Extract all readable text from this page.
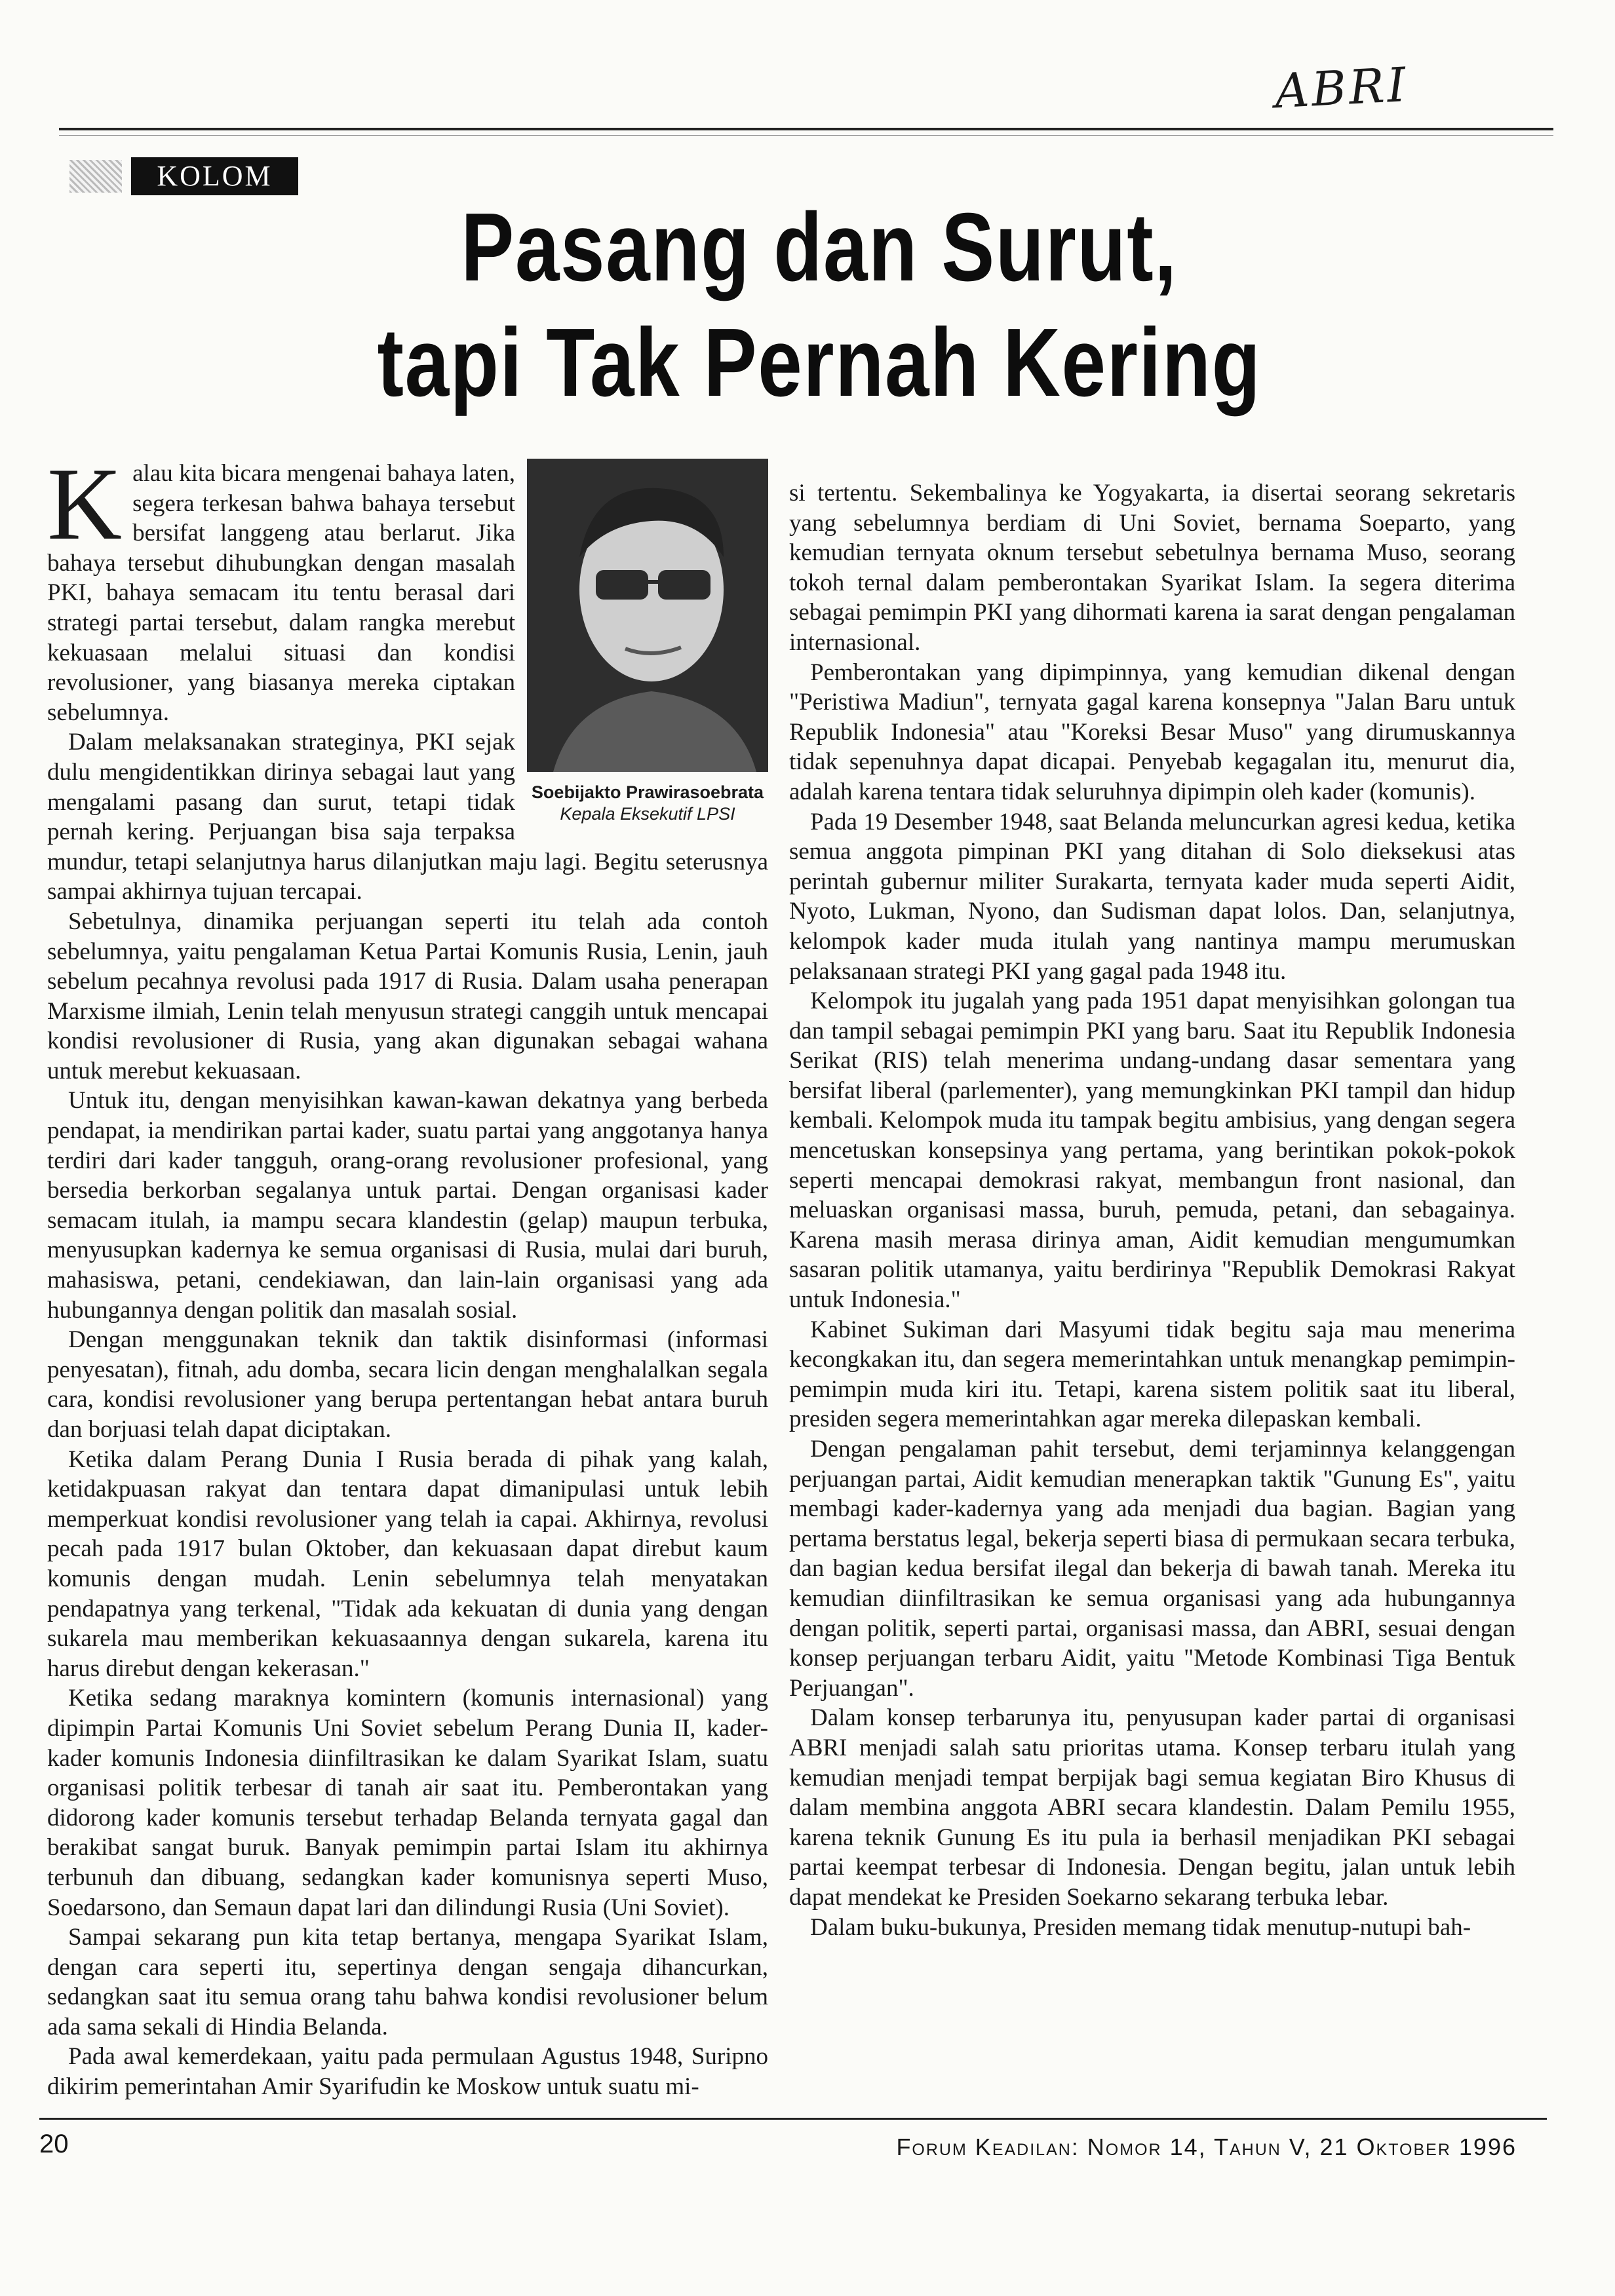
ABRI
KOLOM
Pasang dan Surut,
tapi Tak Pernah Kering
Soebijakto Prawirasoebrata
Kepala Eksekutif LPSI

Kalau kita bicara mengenai bahaya laten, segera terkesan bahwa bahaya tersebut bersifat langgeng atau berlarut. Jika bahaya tersebut dihubungkan dengan masalah PKI, bahaya semacam itu tentu berasal dari strategi partai tersebut, dalam rangka merebut kekuasaan melalui situasi dan kondisi revolusioner, yang biasanya mereka ciptakan sebelumnya.

Dalam melaksanakan strateginya, PKI sejak dulu mengidentikkan dirinya sebagai laut yang mengalami pasang dan surut, tetapi tidak pernah kering. Perjuangan bisa saja terpaksa mundur, tetapi selanjutnya harus dilanjutkan maju lagi. Begitu seterusnya sampai akhirnya tujuan tercapai.

Sebetulnya, dinamika perjuangan seperti itu telah ada contoh sebelumnya, yaitu pengalaman Ketua Partai Komunis Rusia, Lenin, jauh sebelum pecahnya revolusi pada 1917 di Rusia. Dalam usaha penerapan Marxisme ilmiah, Lenin telah menyusun strategi canggih untuk mencapai kondisi revolusioner di Rusia, yang akan digunakan sebagai wahana untuk merebut kekuasaan.

Untuk itu, dengan menyisihkan kawan-kawan dekatnya yang berbeda pendapat, ia mendirikan partai kader, suatu partai yang anggotanya hanya terdiri dari kader tangguh, orang-orang revolusioner profesional, yang bersedia berkorban segalanya untuk partai. Dengan organisasi kader semacam itulah, ia mampu secara klandestin (gelap) maupun terbuka, menyusupkan kadernya ke semua organisasi di Rusia, mulai dari buruh, mahasiswa, petani, cendekiawan, dan lain-lain organisasi yang ada hubungannya dengan politik dan masalah sosial.

Dengan menggunakan teknik dan taktik disinformasi (informasi penyesatan), fitnah, adu domba, secara licin dengan menghalalkan segala cara, kondisi revolusioner yang berupa pertentangan hebat antara buruh dan borjuasi telah dapat diciptakan.

Ketika dalam Perang Dunia I Rusia berada di pihak yang kalah, ketidakpuasan rakyat dan tentara dapat dimanipulasi untuk lebih memperkuat kondisi revolusioner yang telah ia capai. Akhirnya, revolusi pecah pada 1917 bulan Oktober, dan kekuasaan dapat direbut kaum komunis dengan mudah. Lenin sebelumnya telah menyatakan pendapatnya yang terkenal, "Tidak ada kekuatan di dunia yang dengan sukarela mau memberikan kekuasaannya dengan sukarela, karena itu harus direbut dengan kekerasan."

Ketika sedang maraknya komintern (komunis internasional) yang dipimpin Partai Komunis Uni Soviet sebelum Perang Dunia II, kader-kader komunis Indonesia diinfiltrasikan ke dalam Syarikat Islam, suatu organisasi politik terbesar di tanah air saat itu. Pemberontakan yang didorong kader komunis tersebut terhadap Belanda ternyata gagal dan berakibat sangat buruk. Banyak pemimpin partai Islam itu akhirnya terbunuh dan dibuang, sedangkan kader komunisnya seperti Muso, Soedarsono, dan Semaun dapat lari dan dilindungi Rusia (Uni Soviet).

Sampai sekarang pun kita tetap bertanya, mengapa Syarikat Islam, dengan cara seperti itu, sepertinya dengan sengaja dihancurkan, sedangkan saat itu semua orang tahu bahwa kondisi revolusioner belum ada sama sekali di Hindia Belanda.

Pada awal kemerdekaan, yaitu pada permulaan Agustus 1948, Suripno dikirim pemerintahan Amir Syarifudin ke Moskow untuk suatu mi-

si tertentu. Sekembalinya ke Yogyakarta, ia disertai seorang sekretaris yang sebelumnya berdiam di Uni Soviet, bernama Soeparto, yang kemudian ternyata oknum tersebut sebetulnya bernama Muso, seorang tokoh ternal dalam pemberontakan Syarikat Islam. Ia segera diterima sebagai pemimpin PKI yang dihormati karena ia sarat dengan pengalaman internasional.

Pemberontakan yang dipimpinnya, yang kemudian dikenal dengan "Peristiwa Madiun", ternyata gagal karena konsepnya "Jalan Baru untuk Republik Indonesia" atau "Koreksi Besar Muso" yang dirumuskannya tidak sepenuhnya dapat dicapai. Penyebab kegagalan itu, menurut dia, adalah karena tentara tidak seluruhnya dipimpin oleh kader (komunis).

Pada 19 Desember 1948, saat Belanda meluncurkan agresi kedua, ketika semua anggota pimpinan PKI yang ditahan di Solo dieksekusi atas perintah gubernur militer Surakarta, ternyata kader muda seperti Aidit, Nyoto, Lukman, Nyono, dan Sudisman dapat lolos. Dan, selanjutnya, kelompok kader muda itulah yang nantinya mampu merumuskan pelaksanaan strategi PKI yang gagal pada 1948 itu.

Kelompok itu jugalah yang pada 1951 dapat menyisihkan golongan tua dan tampil sebagai pemimpin PKI yang baru. Saat itu Republik Indonesia Serikat (RIS) telah menerima undang-undang dasar sementara yang bersifat liberal (parlementer), yang memungkinkan PKI tampil dan hidup kembali. Kelompok muda itu tampak begitu ambisius, yang dengan segera mencetuskan konsepsinya yang pertama, yang berintikan pokok-pokok seperti mencapai demokrasi rakyat, membangun front nasional, dan meluaskan organisasi massa, buruh, pemuda, petani, dan sebagainya. Karena masih merasa dirinya aman, Aidit kemudian mengumumkan sasaran politik utamanya, yaitu berdirinya "Republik Demokrasi Rakyat untuk Indonesia."

Kabinet Sukiman dari Masyumi tidak begitu saja mau menerima kecongkakan itu, dan segera memerintahkan untuk menangkap pemimpin-pemimpin muda kiri itu. Tetapi, karena sistem politik saat itu liberal, presiden segera memerintahkan agar mereka dilepaskan kembali.

Dengan pengalaman pahit tersebut, demi terjaminnya kelanggengan perjuangan partai, Aidit kemudian menerapkan taktik "Gunung Es", yaitu membagi kader-kadernya yang ada menjadi dua bagian. Bagian yang pertama berstatus legal, bekerja seperti biasa di permukaan secara terbuka, dan bagian kedua bersifat ilegal dan bekerja di bawah tanah. Mereka itu kemudian diinfiltrasikan ke semua organisasi yang ada hubungannya dengan politik, seperti partai, organisasi massa, dan ABRI, sesuai dengan konsep perjuangan terbaru Aidit, yaitu "Metode Kombinasi Tiga Bentuk Perjuangan".

Dalam konsep terbarunya itu, penyusupan kader partai di organisasi ABRI menjadi salah satu prioritas utama. Konsep terbaru itulah yang kemudian menjadi tempat berpijak bagi semua kegiatan Biro Khusus di dalam membina anggota ABRI secara klandestin. Dalam Pemilu 1955, karena teknik Gunung Es itu pula ia berhasil menjadikan PKI sebagai partai keempat terbesar di Indonesia. Dengan begitu, jalan untuk lebih dapat mendekat ke Presiden Soekarno sekarang terbuka lebar.

Dalam buku-bukunya, Presiden memang tidak menutup-nutupi bah-

20	Forum Keadilan: Nomor 14, Tahun V, 21 Oktober 1996
